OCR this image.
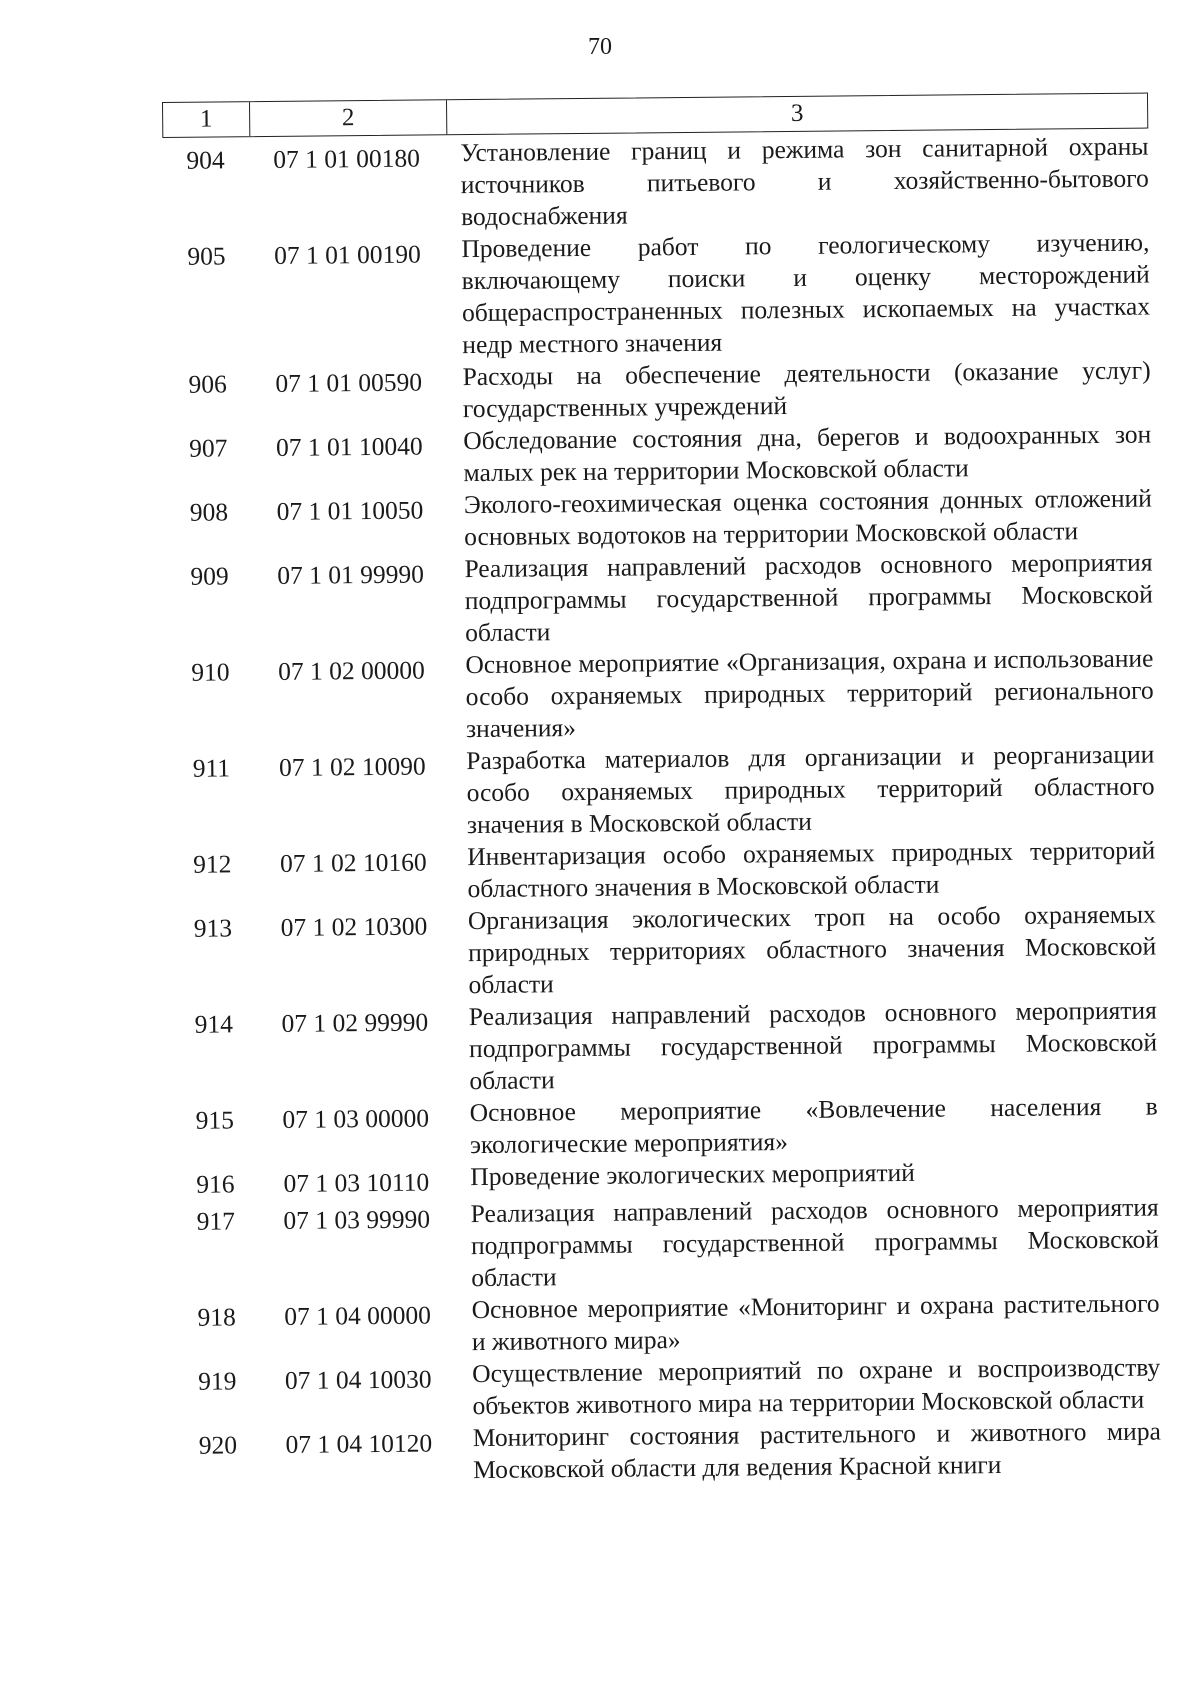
70
1	2	3
904	07 1 01 00180	Установление границ и режима зон санитарной охраны источников питьевого и хозяйственно-бытового водоснабжения
905	07 1 01 00190	Проведение работ по геологическому изучению, включающему поиски и оценку месторождений общераспространенных полезных ископаемых на участках недр местного значения
906	07 1 01 00590	Расходы на обеспечение деятельности (оказание услуг) государственных учреждений
907	07 1 01 10040	Обследование состояния дна, берегов и водоохранных зон малых рек на территории Московской области
908	07 1 01 10050	Эколого-геохимическая оценка состояния донных отложений основных водотоков на территории Московской области
909	07 1 01 99990	Реализация направлений расходов основного мероприятия подпрограммы государственной программы Московской области
910	07 1 02 00000	Основное мероприятие «Организация, охрана и использование особо охраняемых природных территорий регионального значения»
911	07 1 02 10090	Разработка материалов для организации и реорганизации особо охраняемых природных территорий областного значения в Московской области
912	07 1 02 10160	Инвентаризация особо охраняемых природных территорий областного значения в Московской области
913	07 1 02 10300	Организация экологических троп на особо охраняемых природных территориях областного значения Московской области
914	07 1 02 99990	Реализация направлений расходов основного мероприятия подпрограммы государственной программы Московской области
915	07 1 03 00000	Основное мероприятие «Вовлечение населения в экологические мероприятия»
916	07 1 03 10110	Проведение экологических мероприятий
917	07 1 03 99990	Реализация направлений расходов основного мероприятия подпрограммы государственной программы Московской области
918	07 1 04 00000	Основное мероприятие «Мониторинг и охрана растительного и животного мира»
919	07 1 04 10030	Осуществление мероприятий по охране и воспроизводству объектов животного мира на территории Московской области
920	07 1 04 10120	Мониторинг состояния растительного и животного мира Московской области для ведения Красной книги
